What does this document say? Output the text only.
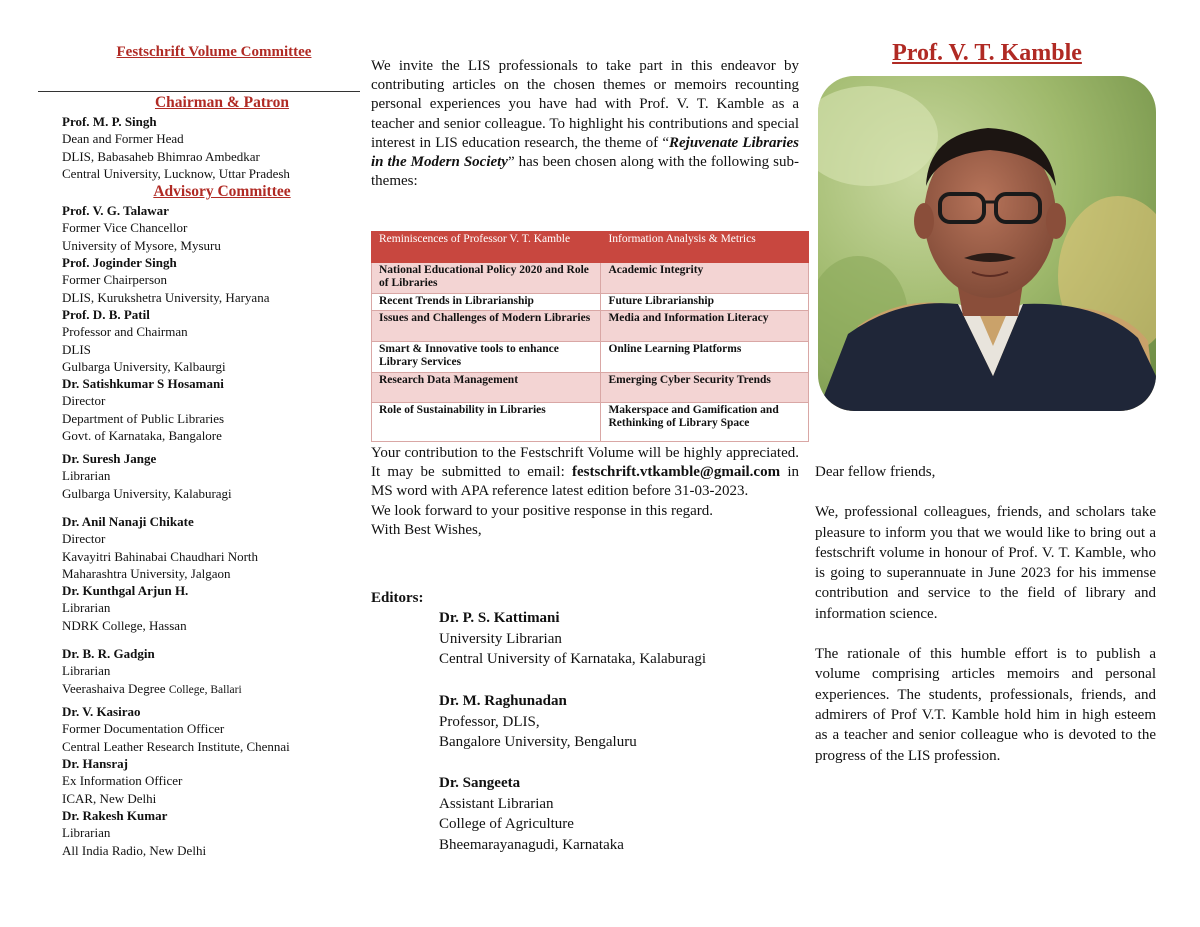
Festschrift Volume Committee
Chairman & Patron
Prof. M. P. Singh
Dean and Former Head
DLIS, Babasaheb Bhimrao Ambedkar
Central University, Lucknow, Uttar Pradesh
Advisory Committee
Prof. V. G. Talawar
Former Vice Chancellor
University of Mysore, Mysuru
Prof. Joginder Singh
Former Chairperson
DLIS, Kurukshetra University, Haryana
Prof. D. B. Patil
Professor and Chairman
DLIS
Gulbarga University, Kalbaurgi
Dr. Satishkumar S Hosamani
Director
Department of Public Libraries
Govt. of Karnataka, Bangalore
Dr. Suresh Jange
Librarian
Gulbarga University, Kalaburagi
Dr. Anil Nanaji Chikate
Director
Kavayitri Bahinabai Chaudhari North
Maharashtra University, Jalgaon
Dr. Kunthgal Arjun H.
Librarian
NDRK College, Hassan
Dr. B. R. Gadgin
Librarian
Veerashaiva Degree College, Ballari
Dr. V. Kasirao
Former Documentation Officer
Central Leather Research Institute, Chennai
Dr. Hansraj
Ex Information Officer
ICAR, New Delhi
Dr. Rakesh Kumar
Librarian
All India Radio, New Delhi

We invite the LIS professionals to take part in this endeavor by contributing articles on the chosen themes or memoirs recounting personal experiences you have had with Prof. V. T. Kamble as a teacher and senior colleague. To highlight his contributions and special interest in LIS education research, the theme of “Rejuvenate Libraries in the Modern Society” has been chosen along with the following sub-themes:

Reminiscences of Professor V. T. Kamble	Information Analysis & Metrics
National Educational Policy 2020 and Role of Libraries	Academic Integrity
Recent Trends in Librarianship	Future Librarianship
Issues and Challenges of Modern Libraries	Media and Information Literacy
Smart & Innovative tools to enhance Library Services	Online Learning Platforms
Research Data Management	Emerging Cyber Security Trends
Role of Sustainability in Libraries	Makerspace and Gamification and Rethinking of Library Space

Your contribution to the Festschrift Volume will be highly appreciated. It may be submitted to email: festschrift.vtkamble@gmail.com in MS word with APA reference latest edition before 31-03-2023.

We look forward to your positive response in this regard.

With Best Wishes,

Editors:
Dr. P. S. Kattimani
University Librarian
Central University of Karnataka, Kalaburagi
Dr. M. Raghunadan
Professor, DLIS,
Bangalore University, Bengaluru
Dr. Sangeeta
Assistant Librarian
College of Agriculture
Bheemarayanagudi, Karnataka
Prof. V. T. Kamble

Dear fellow friends,

We, professional colleagues, friends, and scholars take pleasure to inform you that we would like to bring out a festschrift volume in honour of Prof. V. T. Kamble, who is going to superannuate in June 2023 for his immense contribution and service to the field of library and information science.

The rationale of this humble effort is to publish a volume comprising articles memoirs and personal experiences. The students, professionals, friends, and admirers of Prof V.T. Kamble hold him in high esteem as a teacher and senior colleague who is devoted to the progress of the LIS profession.
